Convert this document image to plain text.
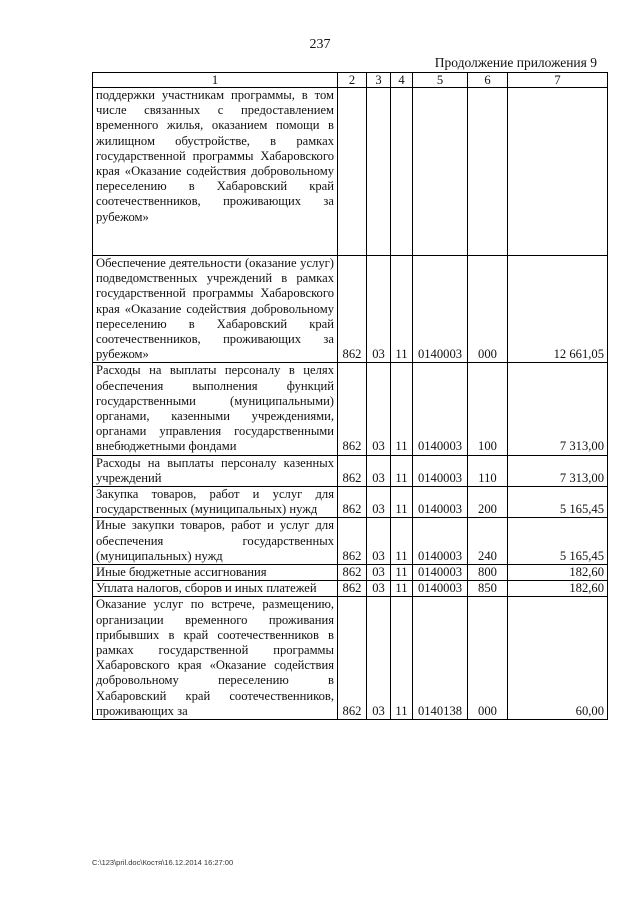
237
Продолжение приложения 9
1	2	3	4	5	6	7
поддержки участникам программы, в том числе связанных с предоставлением временного жилья, оказанием помощи в жилищном обустройстве, в рамках государственной программы Хабаровского края «Оказание содействия добровольному переселению в Хабаровский край соотечественников, проживающих за рубежом»						
Обеспечение деятельности (оказание услуг) подведомственных учреждений в рамках государственной программы Хабаровского края «Оказание содействия добровольному переселению в Хабаровский край соотечественников, проживающих за рубежом»	862	03	11	0140003	000	12 661,05
Расходы на выплаты персоналу в целях обеспечения выполнения функций государственными (муниципальными) органами, казенными учреждениями, органами управления государственными внебюджетными фондами	862	03	11	0140003	100	7 313,00
Расходы на выплаты персоналу казенных учреждений	862	03	11	0140003	110	7 313,00
Закупка товаров, работ и услуг для государственных (муниципальных) нужд	862	03	11	0140003	200	5 165,45
Иные закупки товаров, работ и услуг для обеспечения государственных (муниципальных) нужд	862	03	11	0140003	240	5 165,45
Иные бюджетные ассигнования	862	03	11	0140003	800	182,60
Уплата налогов, сборов и иных платежей	862	03	11	0140003	850	182,60
Оказание услуг по встрече, размещению, организации временного проживания прибывших в край соотечественников в рамках государственной программы Хабаровского края «Оказание содействия добровольному переселению в Хабаровский край соотечественников, проживающих за	862	03	11	0140138	000	60,00
C:\123\pril.doc\Костя\16.12.2014 16:27:00
